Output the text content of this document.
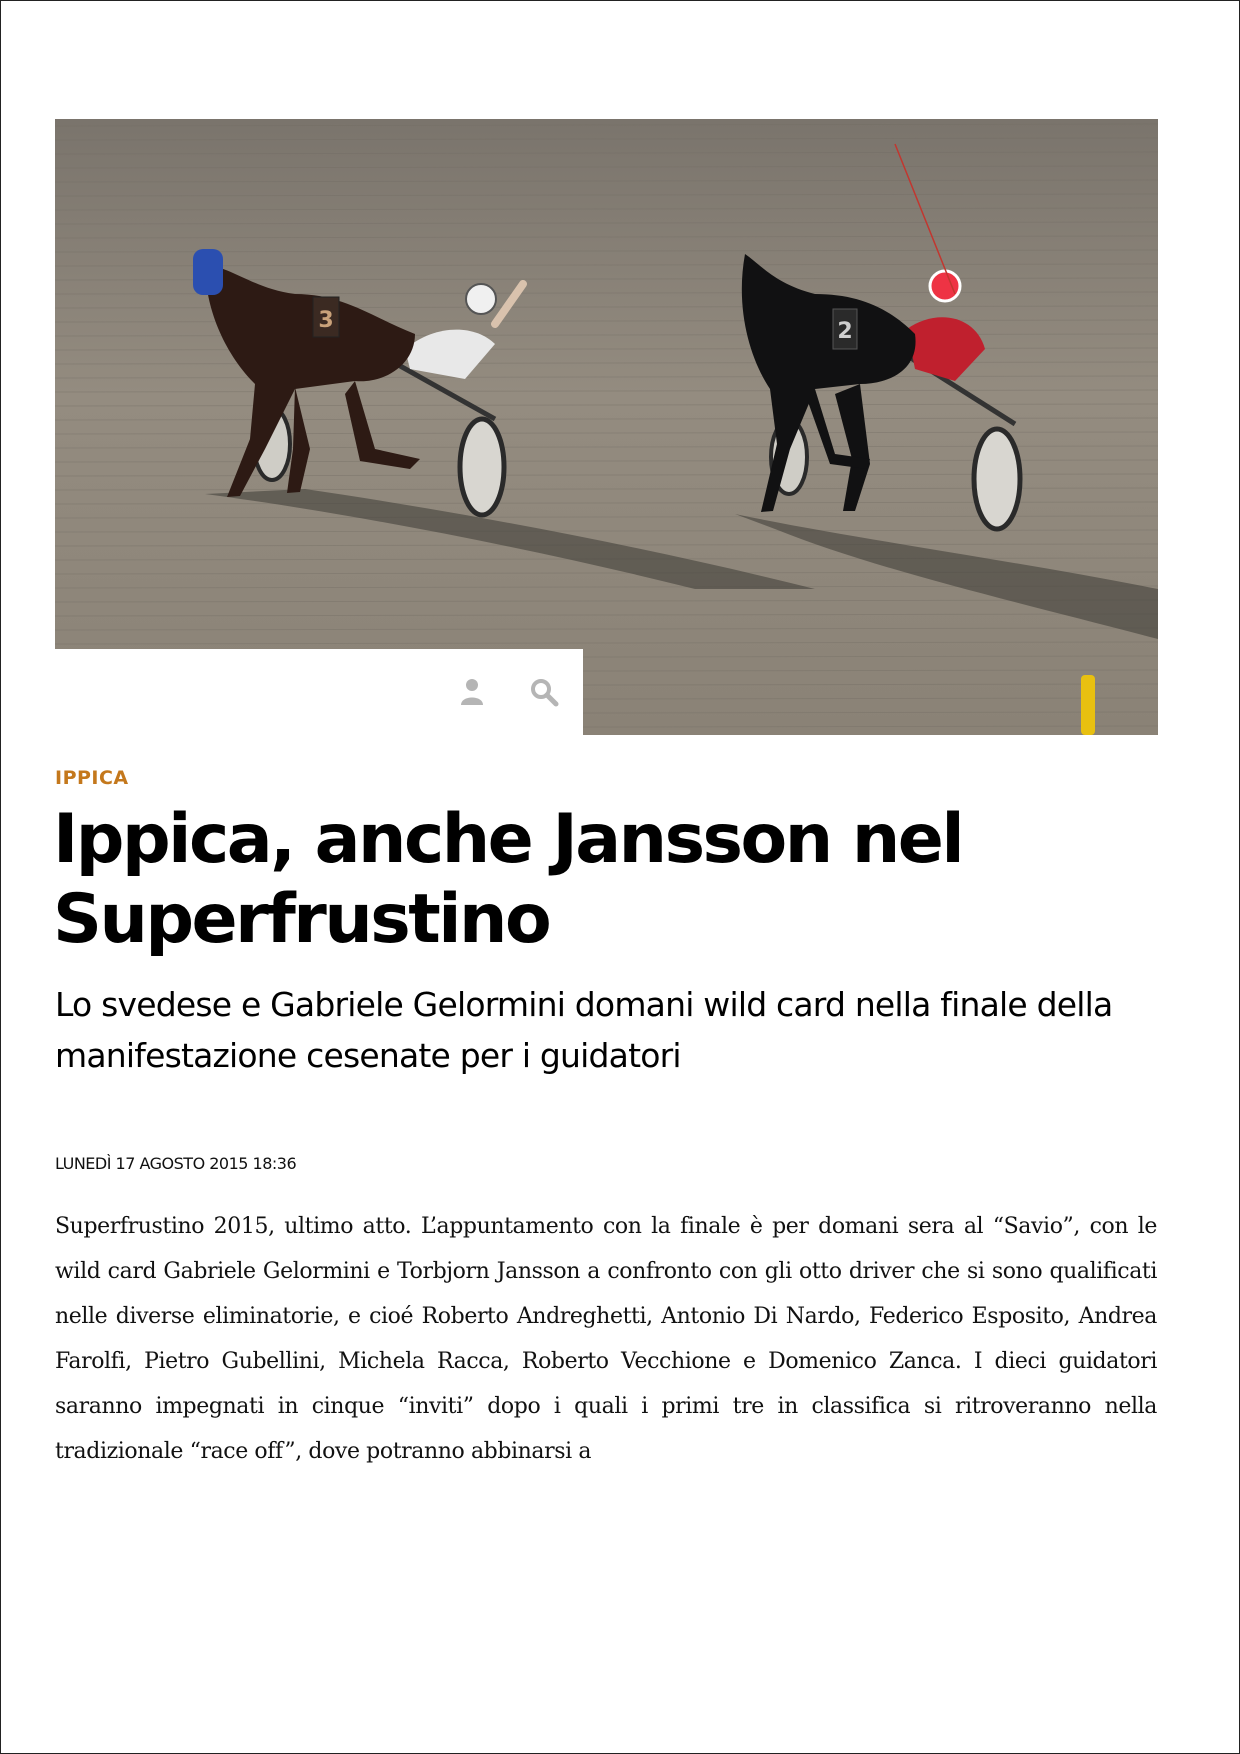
3	2
IPPICA
Ippica, anche Jansson nel Superfrustino
Lo svedese e Gabriele Gelormini domani wild card nella finale della manifestazione cesenate per i guidatori
LUNEDÌ 17 AGOSTO 2015 18:36

Superfrustino 2015, ultimo atto. L’appuntamento con la finale è per domani sera al “Savio”, con le wild card Gabriele Gelormini e Torbjorn Jansson a confronto con gli otto driver che si sono qualificati nelle diverse eliminatorie, e cioé Roberto Andreghetti, Antonio Di Nardo, Federico Esposito, Andrea Farolfi, Pietro Gubellini, Michela Racca, Roberto Vecchione e Domenico Zanca. I dieci guidatori saranno impegnati in cinque “inviti” dopo i quali i primi tre in classifica si ritroveranno nella tradizionale “race off”, dove potranno abbinarsi a
